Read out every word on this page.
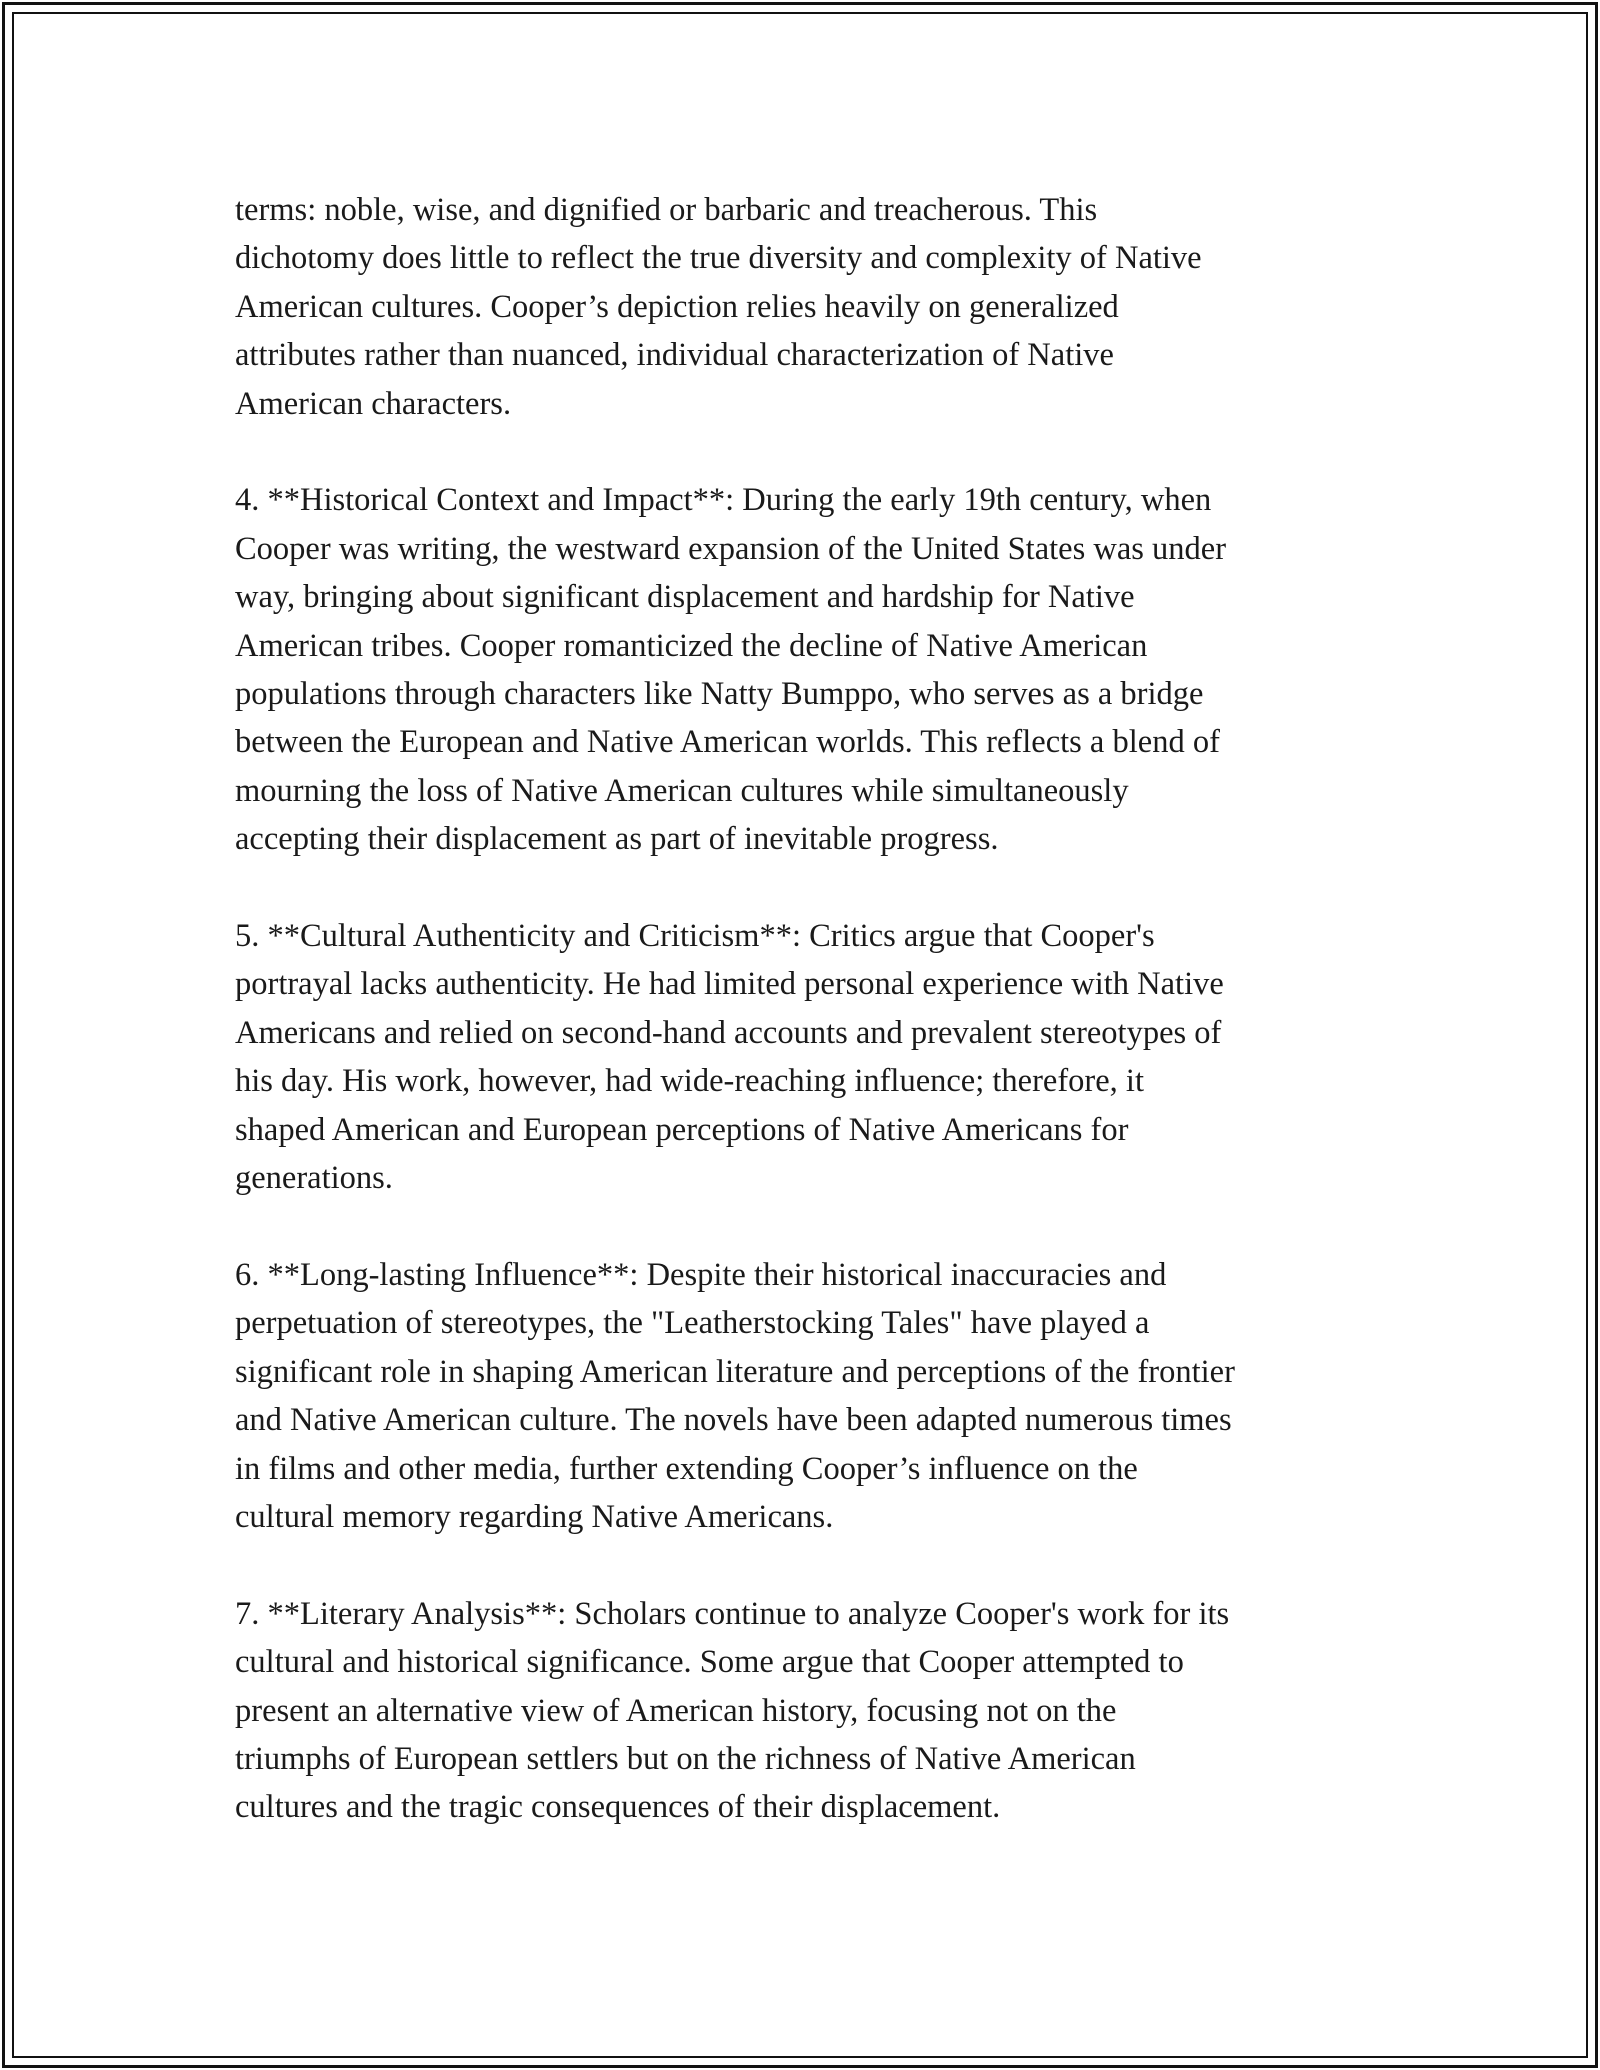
terms: noble, wise, and dignified or barbaric and treacherous. This
dichotomy does little to reflect the true diversity and complexity of Native
American cultures. Cooper’s depiction relies heavily on generalized
attributes rather than nuanced, individual characterization of Native
American characters.

4. **Historical Context and Impact**: During the early 19th century, when
Cooper was writing, the westward expansion of the United States was under
way, bringing about significant displacement and hardship for Native
American tribes. Cooper romanticized the decline of Native American
populations through characters like Natty Bumppo, who serves as a bridge
between the European and Native American worlds. This reflects a blend of
mourning the loss of Native American cultures while simultaneously
accepting their displacement as part of inevitable progress.

5. **Cultural Authenticity and Criticism**: Critics argue that Cooper's
portrayal lacks authenticity. He had limited personal experience with Native
Americans and relied on second-hand accounts and prevalent stereotypes of
his day. His work, however, had wide-reaching influence; therefore, it
shaped American and European perceptions of Native Americans for
generations.

6. **Long-lasting Influence**: Despite their historical inaccuracies and
perpetuation of stereotypes, the "Leatherstocking Tales" have played a
significant role in shaping American literature and perceptions of the frontier
and Native American culture. The novels have been adapted numerous times
in films and other media, further extending Cooper’s influence on the
cultural memory regarding Native Americans.

7. **Literary Analysis**: Scholars continue to analyze Cooper's work for its
cultural and historical significance. Some argue that Cooper attempted to
present an alternative view of American history, focusing not on the
triumphs of European settlers but on the richness of Native American
cultures and the tragic consequences of their displacement.
